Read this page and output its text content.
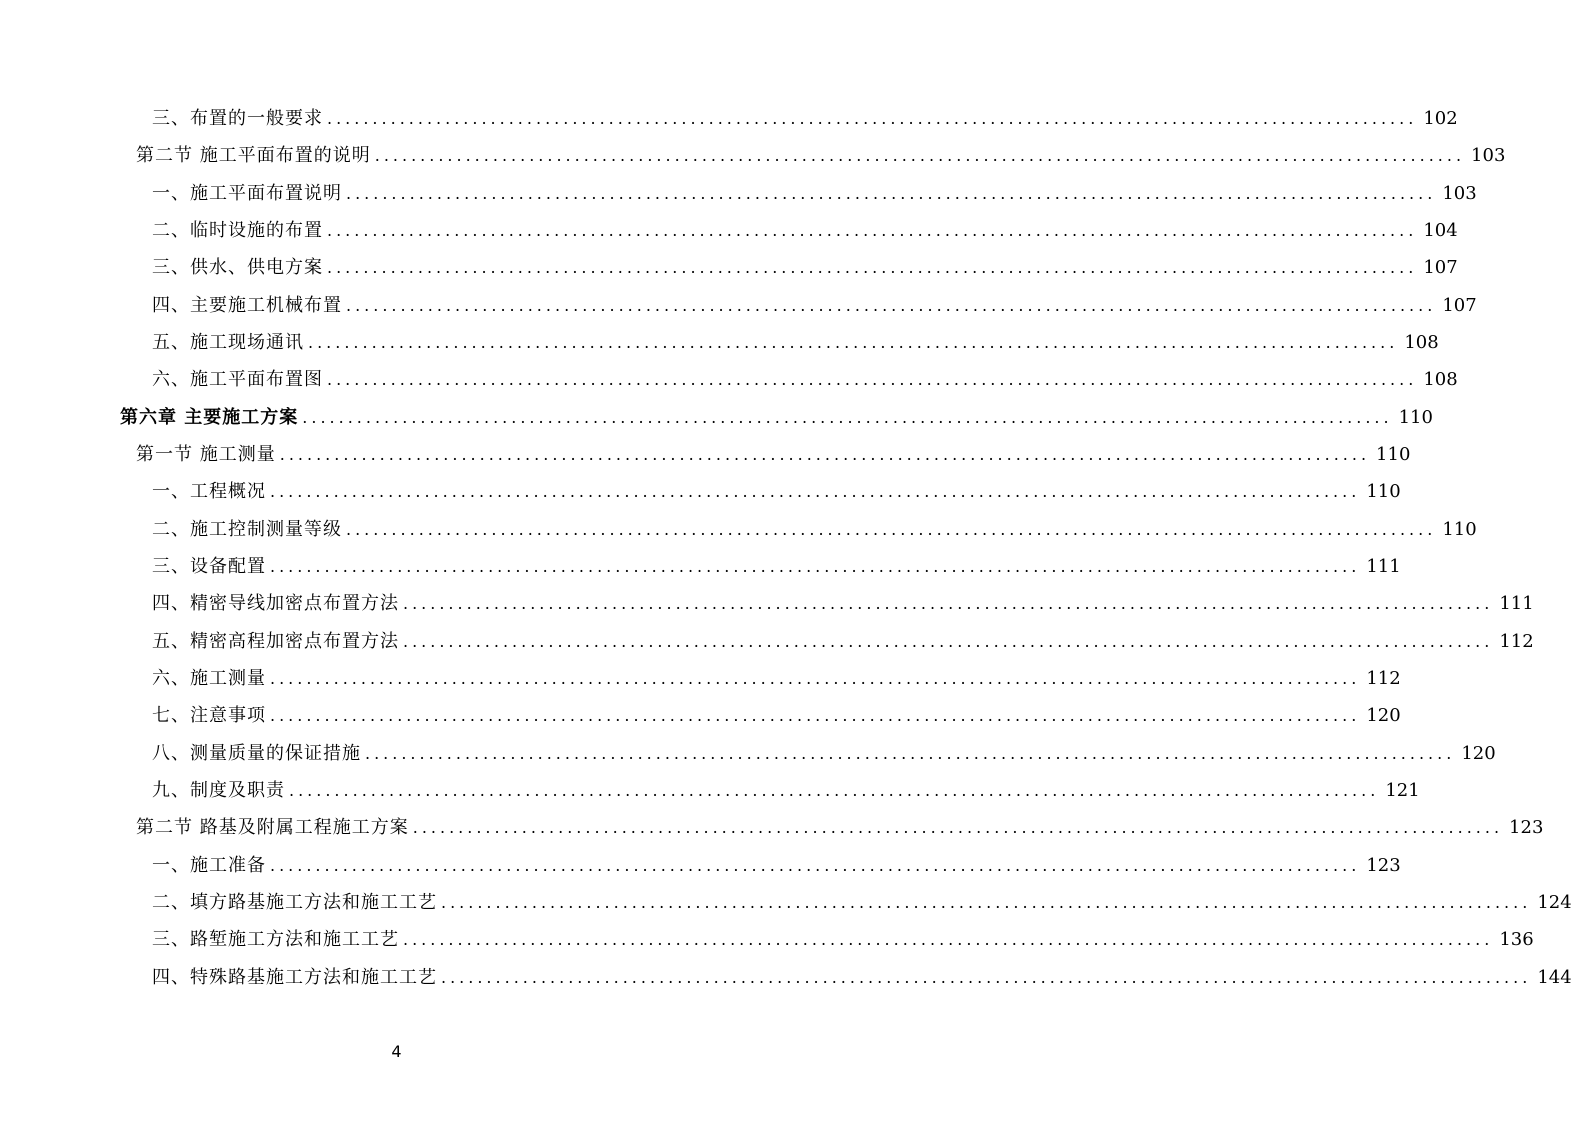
三、布置的一般要求 ........................................................................................................................ 102
第二节 施工平面布置的说明 ........................................................................................................................ 103
一、施工平面布置说明 ........................................................................................................................ 103
二、临时设施的布置 ........................................................................................................................ 104
三、供水、供电方案 ........................................................................................................................ 107
四、主要施工机械布置 ........................................................................................................................ 107
五、施工现场通讯 ........................................................................................................................ 108
六、施工平面布置图 ........................................................................................................................ 108
第六章 主要施工方案 ........................................................................................................................ 110
第一节 施工测量 ........................................................................................................................ 110
一、工程概况 ........................................................................................................................ 110
二、施工控制测量等级 ........................................................................................................................ 110
三、设备配置 ........................................................................................................................ 111
四、精密导线加密点布置方法 ........................................................................................................................ 111
五、精密高程加密点布置方法 ........................................................................................................................ 112
六、施工测量 ........................................................................................................................ 112
七、注意事项 ........................................................................................................................ 120
八、测量质量的保证措施 ........................................................................................................................ 120
九、制度及职责 ........................................................................................................................ 121
第二节 路基及附属工程施工方案 ........................................................................................................................ 123
一、施工准备 ........................................................................................................................ 123
二、填方路基施工方法和施工工艺 ........................................................................................................................ 124
三、路堑施工方法和施工工艺 ........................................................................................................................ 136
四、特殊路基施工方法和施工工艺 ........................................................................................................................ 144
4
